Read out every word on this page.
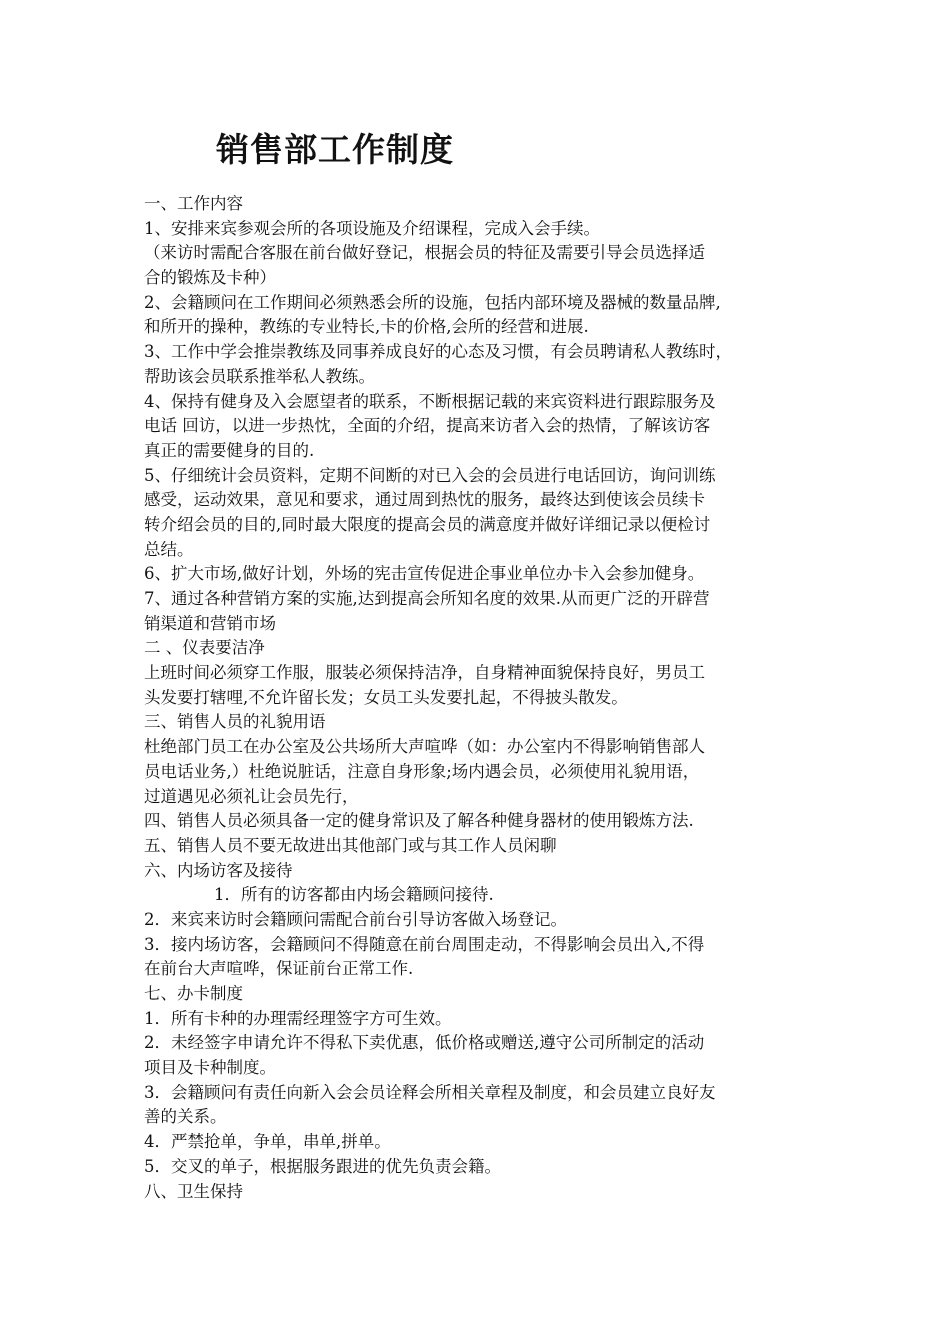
销售部工作制度

一、工作内容

1、安排来宾参观会所的各项设施及介绍课程，完成入会手续。

（来访时需配合客服在前台做好登记，根据会员的特征及需要引导会员选择适

合的锻炼及卡种）

2、会籍顾问在工作期间必须熟悉会所的设施，包括内部环境及器械的数量品牌,

和所开的操种，教练的专业特长,卡的价格,会所的经营和进展.

3、工作中学会推崇教练及同事养成良好的心态及习惯，有会员聘请私人教练时，

帮助该会员联系推举私人教练。

4、保持有健身及入会愿望者的联系，不断根据记载的来宾资料进行跟踪服务及

电话 回访，以进一步热忱，全面的介绍，提高来访者入会的热情，了解该访客

真正的需要健身的目的.

5、仔细统计会员资料，定期不间断的对已入会的会员进行电话回访，询问训练

感受，运动效果，意见和要求，通过周到热忱的服务，最终达到使该会员续卡

转介绍会员的目的,同时最大限度的提高会员的满意度并做好详细记录以便检讨

总结。

6、扩大市场,做好计划，外场的宪击宣传促进企事业单位办卡入会参加健身。

7、通过各种营销方案的实施,达到提高会所知名度的效果.从而更广泛的开辟营

销渠道和营销市场

二 、仪表要洁净

上班时间必须穿工作服，服装必须保持洁净，自身精神面貌保持良好，男员工

头发要打辖哩,不允许留长发；女员工头发要扎起，不得披头散发。

三、销售人员的礼貌用语

杜绝部门员工在办公室及公共场所大声喧哗（如：办公室内不得影响销售部人

员电话业务,）杜绝说脏话，注意自身形象;场内遇会员，必须使用礼貌用语，

过道遇见必须礼让会员先行，

四、销售人员必须具备一定的健身常识及了解各种健身器材的使用锻炼方法.

五、销售人员不要无故进出其他部门或与其工作人员闲聊

六、内场访客及接待

1．所有的访客都由内场会籍顾问接待.

2．来宾来访时会籍顾问需配合前台引导访客做入场登记。

3．接内场访客，会籍顾问不得随意在前台周围走动，不得影响会员出入,不得

在前台大声喧哗，保证前台正常工作.

七、办卡制度

1．所有卡种的办理需经理签字方可生效。

2．未经签字申请允许不得私下卖优惠，低价格或赠送,遵守公司所制定的活动

项目及卡种制度。

3．会籍顾问有责任向新入会会员诠释会所相关章程及制度，和会员建立良好友

善的关系。

4．严禁抢单，争单，串单,拼单。

5．交叉的单子，根据服务跟进的优先负责会籍。

八、卫生保持
